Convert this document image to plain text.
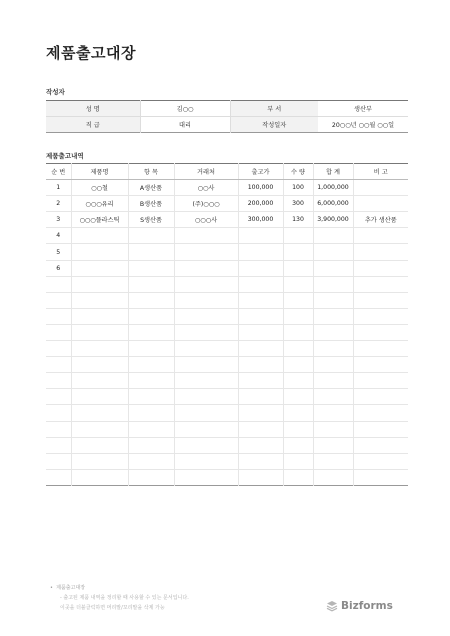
제품출고대장
작성자
성 명	김○○	부 서	생산부
직 급	대리	작성일자	20○○년 ○○월 ○○일
제품출고내역
순 번	제품명	항 목	거래처	출고가	수 량	합 계	비 고
1	○○철	A생산품	○○사	100,000	100	1,000,000	
2	○○○유리	B생산품	(주)○○○	200,000	300	6,000,000	
3	○○○플라스틱	S생산품	○○○사	300,000	130	3,900,000	추가 생산품
4							
5							
6							

•  제품출고대장
- 출고된 제품 내역을 정리할 때 사용할 수 있는 문서입니다.
이곳을 더블클릭하면 머리말/꼬리말을 삭제 가능	Bizforms
